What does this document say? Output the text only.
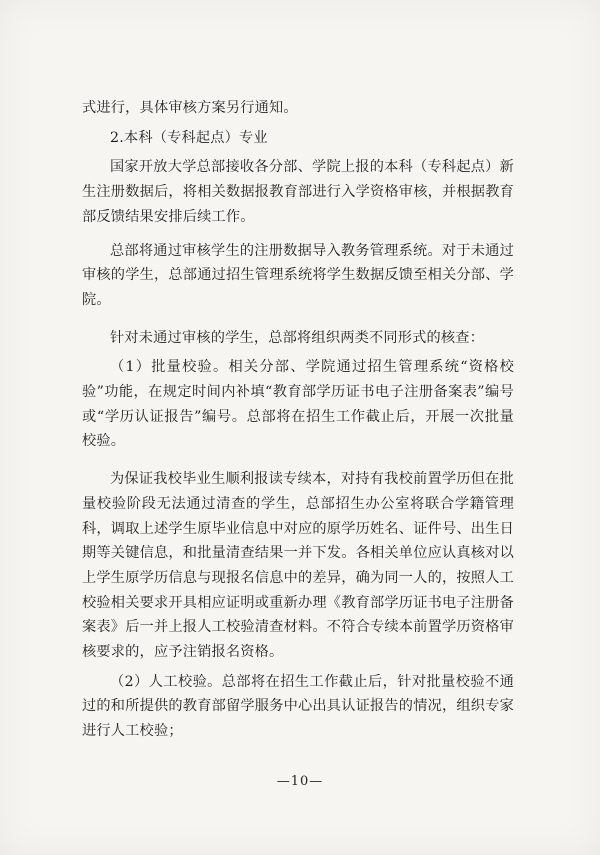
式进行，具体审核方案另行通知。

2.本科（专科起点）专业

国家开放大学总部接收各分部、学院上报的本科（专科起点）新生注册数据后，将相关数据报教育部进行入学资格审核，并根据教育部反馈结果安排后续工作。

总部将通过审核学生的注册数据导入教务管理系统。对于未通过审核的学生，总部通过招生管理系统将学生数据反馈至相关分部、学院。

针对未通过审核的学生，总部将组织两类不同形式的核查：

（1）批量校验。相关分部、学院通过招生管理系统“资格校验”功能，在规定时间内补填“教育部学历证书电子注册备案表”编号或“学历认证报告”编号。总部将在招生工作截止后，开展一次批量校验。

为保证我校毕业生顺利报读专续本，对持有我校前置学历但在批量校验阶段无法通过清查的学生，总部招生办公室将联合学籍管理科，调取上述学生原毕业信息中对应的原学历姓名、证件号、出生日期等关键信息，和批量清查结果一并下发。各相关单位应认真核对以上学生原学历信息与现报名信息中的差异，确为同一人的，按照人工校验相关要求开具相应证明或重新办理《教育部学历证书电子注册备案表》后一并上报人工校验清查材料。不符合专续本前置学历资格审核要求的，应予注销报名资格。

（2）人工校验。总部将在招生工作截止后，针对批量校验不通过的和所提供的教育部留学服务中心出具认证报告的情况，组织专家进行人工校验；

—10—
